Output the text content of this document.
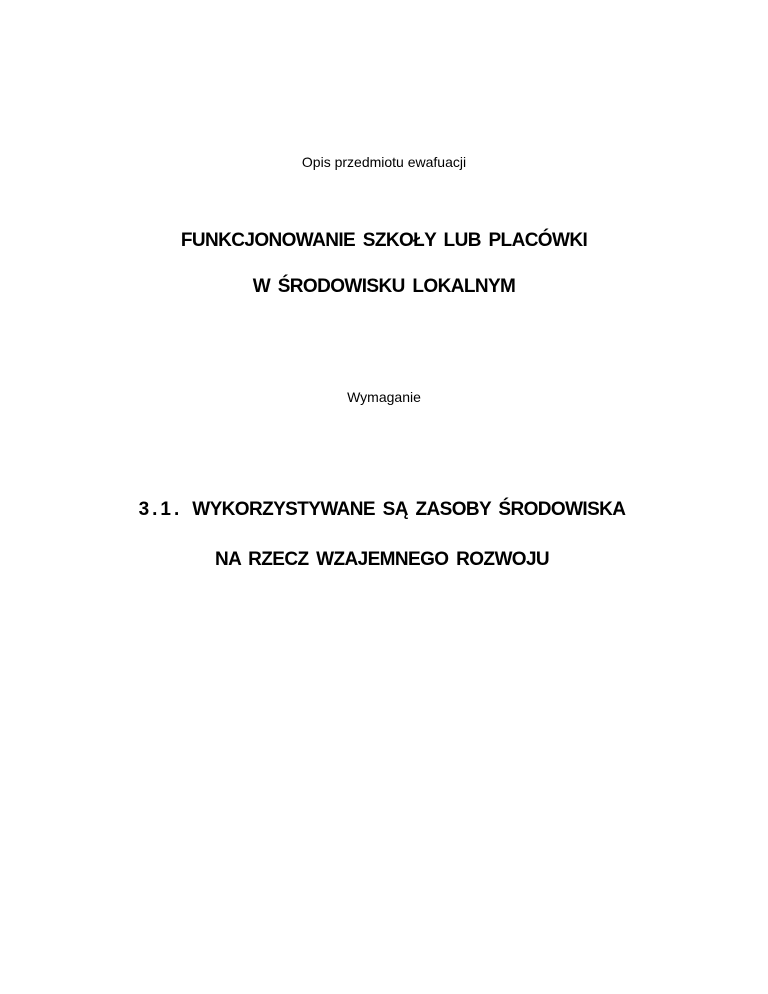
Opis przedmiotu ewafuacji
FUNKCJONOWANIE SZKOŁY LUB PLACÓWKI
W ŚRODOWISKU LOKALNYM
Wymaganie
3.1. WYKORZYSTYWANE SĄ ZASOBY ŚRODOWISKA
NA RZECZ WZAJEMNEGO ROZWOJU
